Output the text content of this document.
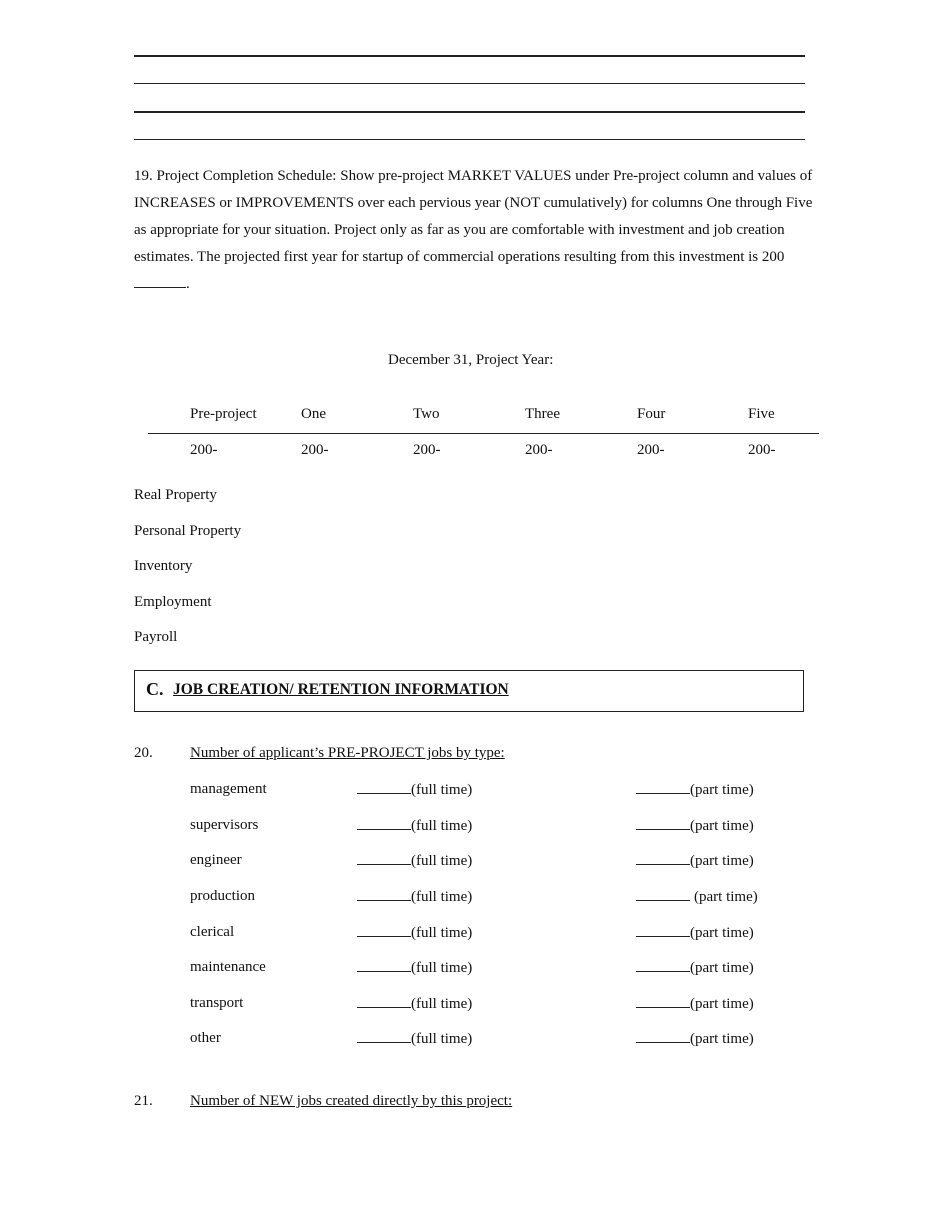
19. Project Completion Schedule: Show pre-project MARKET VALUES under Pre-project column and values of INCREASES or IMPROVEMENTS over each pervious year (NOT cumulatively) for columns One through Five as appropriate for your situation. Project only as far as you are comfortable with investment and job creation estimates. The projected first year for startup of commercial operations resulting from this investment is 200.

December 31, Project Year:
Pre-project	One	Two	Three	Four	Five
200-	200-	200-	200-	200-	200-
Real Property
Personal Property
Inventory
Employment
Payroll
C. JOB CREATION/ RETENTION INFORMATION
20. Number of applicant’s PRE-PROJECT jobs by type:
management	(full time)	(part time)
supervisors	(full time)	(part time)
engineer	(full time)	(part time)
production	(full time)	(part time)
clerical	(full time)	(part time)
maintenance	(full time)	(part time)
transport	(full time)	(part time)
other	(full time)	(part time)
21. Number of NEW jobs created directly by this project:
